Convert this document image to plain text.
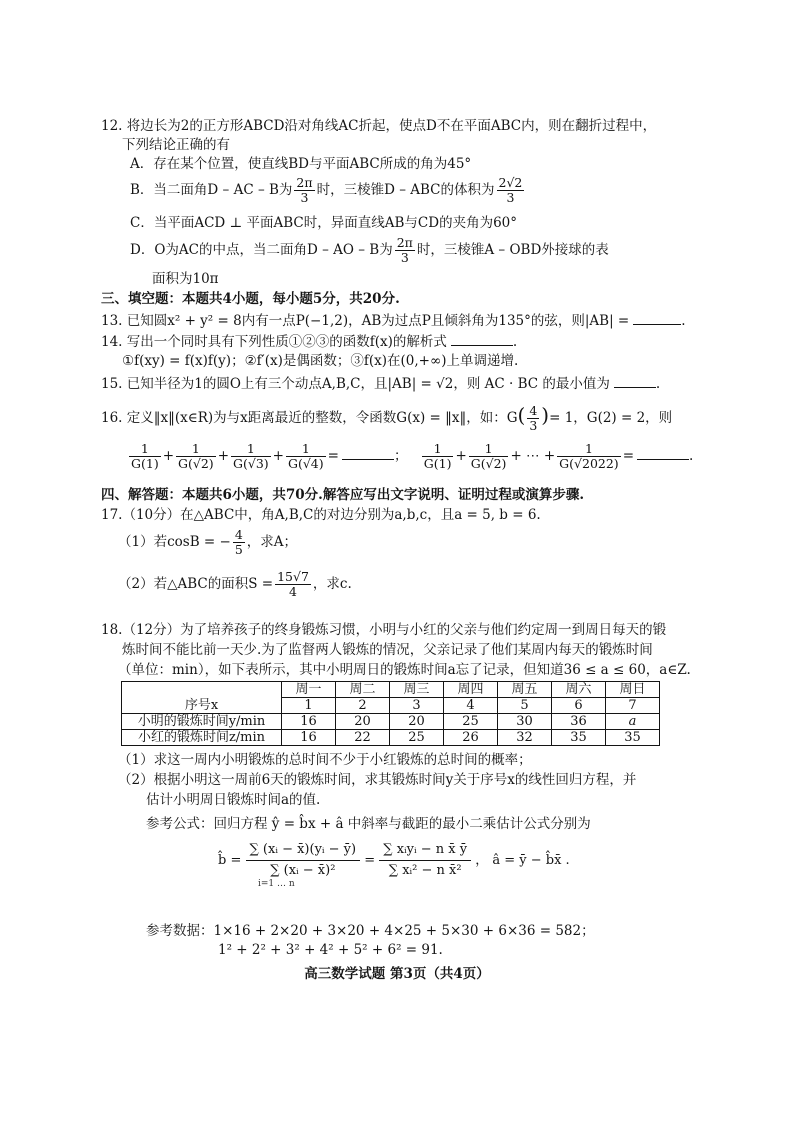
12. 将边长为2的正方形ABCD沿对角线AC折起，使点D不在平面ABC内，则在翻折过程中，
下列结论正确的有
A．存在某个位置，使直线BD与平面ABC所成的角为45°
B．当二面角D – AC – B为 $\frac{2\pi}{3}$ 时，三棱锥D – ABC的体积为 $\frac{2√2}{3}$
C．当平面ACD ⊥ 平面ABC时，异面直线AB与CD的夹角为60°
D．O为AC的中点，当二面角D – AO – B为 $\frac{2\pi}{3}$ 时，三棱锥A – OBD外接球的表
面积为10π
三、填空题：本题共4小题，每小题5分，共20分.
13. 已知圆x² + y² = 8内有一点P(−1,2)，AB为过点P且倾斜角为135°的弦，则|AB| =	.
14. 写出一个同时具有下列性质①②③的函数f(x)的解析式	.
①f(xy) = f(x)f(y)；②f′(x)是偶函数；③f(x)在(0,+∞)上单调递增.
15. 已知半径为1的圆O上有三个动点A,B,C，且|AB| = √2，则 AC · BC 的最小值为	.
16. 定义‖x‖(x∈R)为与x距离最近的整数，令函数G(x) = ‖x‖，如：$G( \frac{4}{3}$ )= 1，G(2) = 2，则
$\frac{1}{G(1)} + \frac{1}{G(√2)} + \frac{1}{G(√3)} + \frac{1}{G(√4)}$ =	； $\frac{1}{G(1)} + \frac{1}{G(√2)}$ + ⋯ + $\frac{1}{G(√2022)}$ =	.
四、解答题：本题共6小题，共70分.解答应写出文字说明、证明过程或演算步骤.
17.（10分）在△ABC中，角A,B,C的对边分别为a,b,c，且a = 5, b = 6.
（1）若cosB = − $\frac{4}{5}$ ，求A；
（2）若△ABC的面积$S = \frac{15√7}{4}$ ，求c.
18.（12分）为了培养孩子的终身锻炼习惯，小明与小红的父亲与他们约定周一到周日每天的锻
炼时间不能比前一天少.为了监督两人锻炼的情况，父亲记录了他们某周内每天的锻炼时间
（单位：min），如下表所示，其中小明周日的锻炼时间a忘了记录，但知道36 ≤ a ≤ 60，a∈Z.
	周一	周二	周三	周四	周五	周六	周日
序号x	1	2	3	4	5	6	7
小明的锻炼时间y/min	16	20	20	25	30	36	a
小红的锻炼时间z/min	16	22	25	26	32	35	35
（1）求这一周内小明锻炼的总时间不少于小红锻炼的总时间的概率；
（2）根据小明这一周前6天的锻炼时间，求其锻炼时间y关于序号x的线性回归方程，并
估计小明周日锻炼时间a的值.
参考公式：回归方程 ŷ = b̂x + â 中斜率与截距的最小二乘估计公式分别为
b̂ = $\frac{\text{∑ (xᵢ − x̄)(yᵢ − ȳ)}}{\text{∑ (xᵢ − x̄)²}} = \frac{\text{∑ xᵢyᵢ − n x̄ ȳ}}{\text{∑ xᵢ² − n x̄²}}$ ， â = ȳ − b̂x̄ .
i=1 … n
参考数据：1×16 + 2×20 + 3×20 + 4×25 + 5×30 + 6×36 = 582；
1² + 2² + 3² + 4² + 5² + 6² = 91.
高三数学试题 第3页（共4页）
